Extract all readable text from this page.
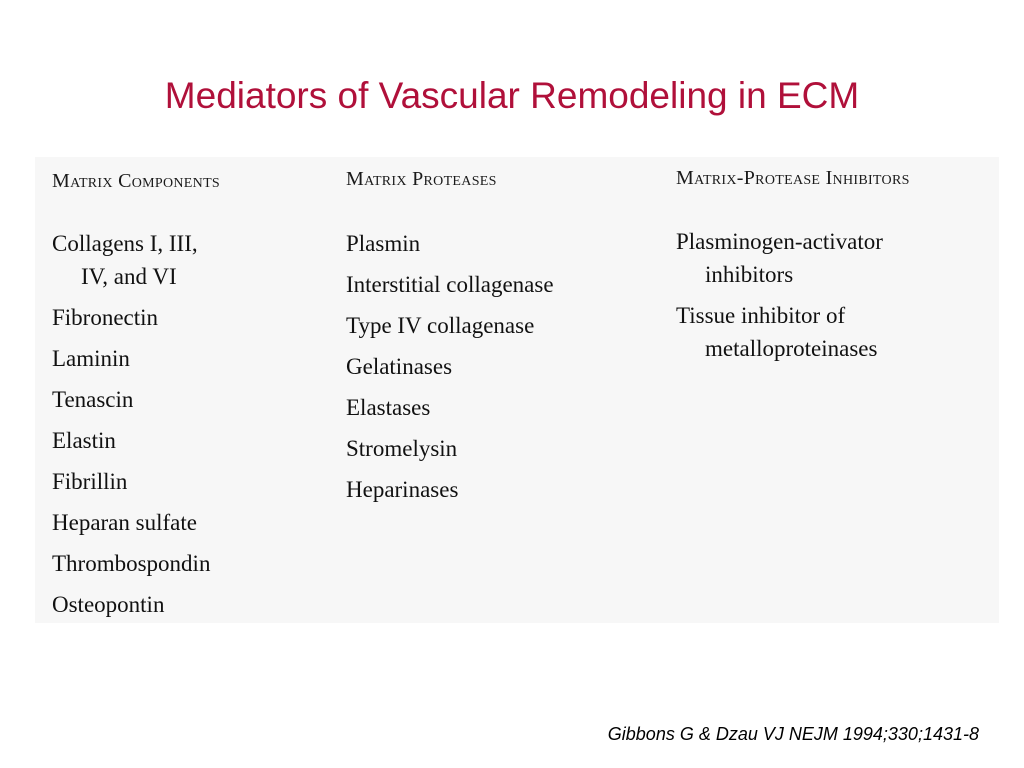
Mediators of Vascular Remodeling in ECM
Matrix Components
Collagens I, III,
IV, and VI
Fibronectin
Laminin
Tenascin
Elastin
Fibrillin
Heparan sulfate
Thrombospondin
Osteopontin
Matrix Proteases
Plasmin
Interstitial collagenase
Type IV collagenase
Gelatinases
Elastases
Stromelysin
Heparinases
Matrix-Protease Inhibitors
Plasminogen-activator
inhibitors
Tissue inhibitor of
metalloproteinases
Gibbons G & Dzau VJ NEJM 1994;330;1431-8
